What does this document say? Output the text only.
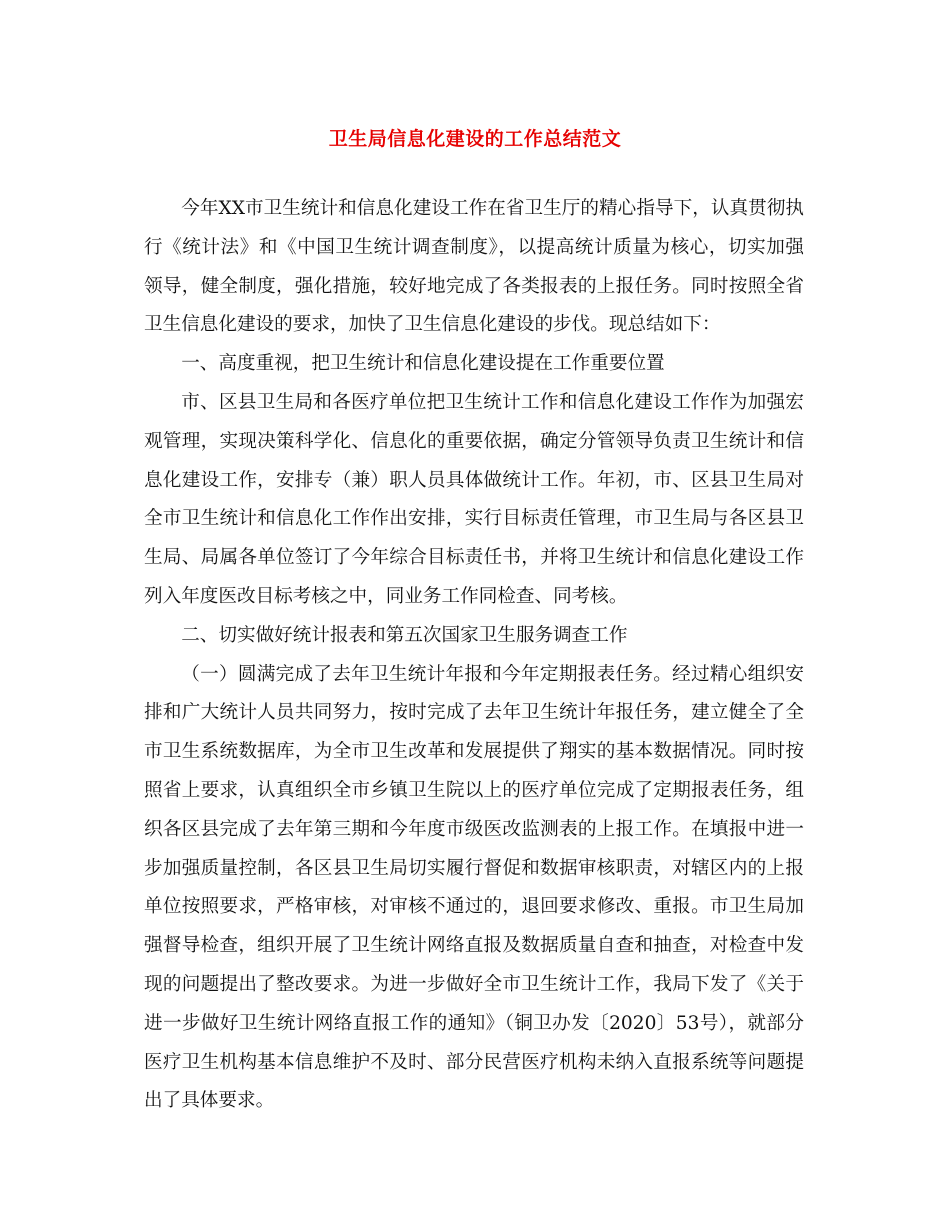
卫生局信息化建设的工作总结范文

今年XX市卫生统计和信息化建设工作在省卫生厅的精心指导下，认真贯彻执行《统计法》和《中国卫生统计调查制度》，以提高统计质量为核心，切实加强领导，健全制度，强化措施，较好地完成了各类报表的上报任务。同时按照全省卫生信息化建设的要求，加快了卫生信息化建设的步伐。现总结如下：

一、高度重视，把卫生统计和信息化建设提在工作重要位置

市、区县卫生局和各医疗单位把卫生统计工作和信息化建设工作作为加强宏观管理，实现决策科学化、信息化的重要依据，确定分管领导负责卫生统计和信息化建设工作，安排专（兼）职人员具体做统计工作。年初，市、区县卫生局对全市卫生统计和信息化工作作出安排，实行目标责任管理，市卫生局与各区县卫生局、局属各单位签订了今年综合目标责任书，并将卫生统计和信息化建设工作列入年度医改目标考核之中，同业务工作同检查、同考核。

二、切实做好统计报表和第五次国家卫生服务调查工作

（一）圆满完成了去年卫生统计年报和今年定期报表任务。经过精心组织安排和广大统计人员共同努力，按时完成了去年卫生统计年报任务，建立健全了全市卫生系统数据库，为全市卫生改革和发展提供了翔实的基本数据情况。同时按照省上要求，认真组织全市乡镇卫生院以上的医疗单位完成了定期报表任务，组织各区县完成了去年第三期和今年度市级医改监测表的上报工作。在填报中进一步加强质量控制，各区县卫生局切实履行督促和数据审核职责，对辖区内的上报单位按照要求，严格审核，对审核不通过的，退回要求修改、重报。市卫生局加强督导检查，组织开展了卫生统计网络直报及数据质量自查和抽查，对检查中发现的问题提出了整改要求。为进一步做好全市卫生统计工作，我局下发了《关于进一步做好卫生统计网络直报工作的通知》（铜卫办发〔2020〕53号），就部分医疗卫生机构基本信息维护不及时、部分民营医疗机构未纳入直报系统等问题提出了具体要求。
